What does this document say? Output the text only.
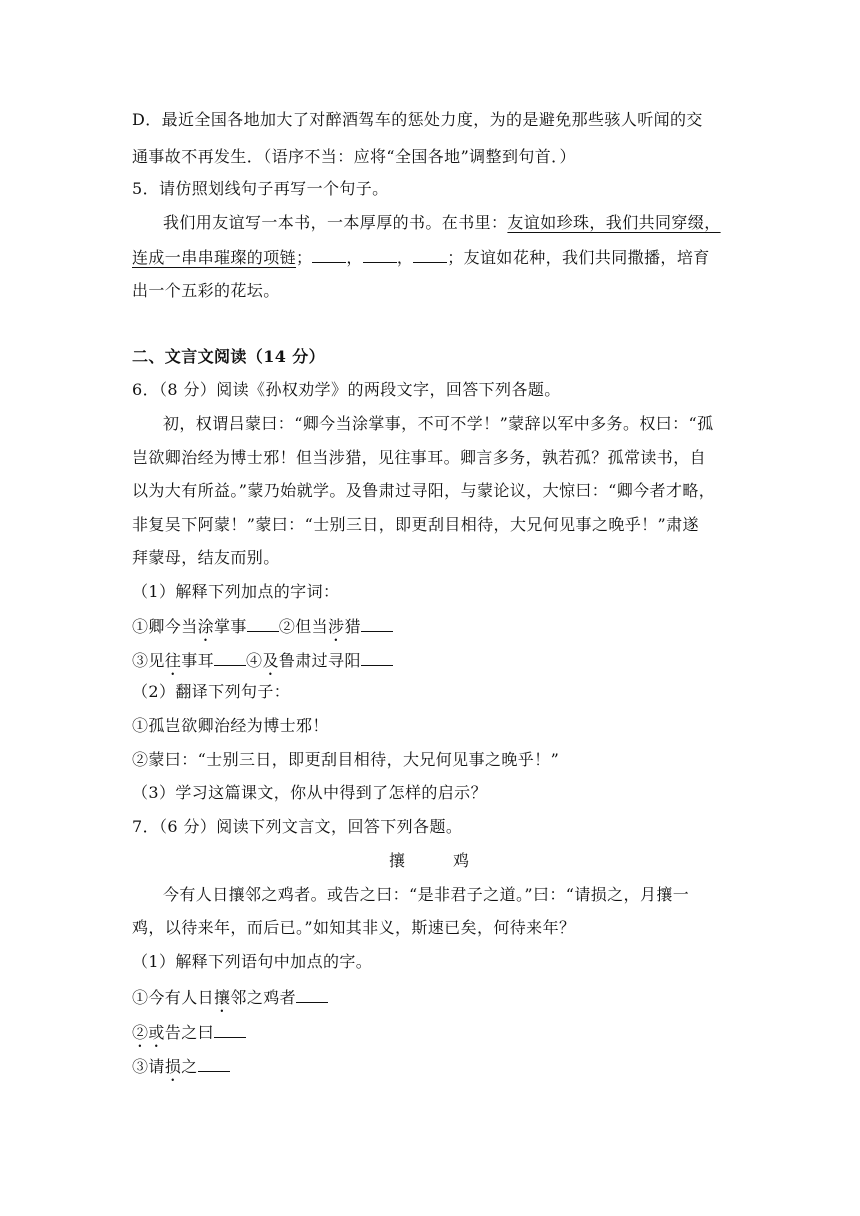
D．最近全国各地加大了对醉酒驾车的惩处力度，为的是避免那些骇人听闻的交
通事故不再发生．（语序不当：应将“全国各地”调整到句首．）
5．请仿照划线句子再写一个句子。
我们用友谊写一本书，一本厚厚的书。在书里：友谊如珍珠，我们共同穿缀，
连成一串串璀璨的项链； ， ， ；友谊如花种，我们共同撒播，培育
出一个五彩的花坛。
二、文言文阅读（14 分）
6．（8 分）阅读《孙权劝学》的两段文字，回答下列各题。
初，权谓吕蒙曰：“卿今当涂掌事，不可不学！”蒙辞以军中多务。权曰：“孤
岂欲卿治经为博士邪！但当涉猎，见往事耳。卿言多务，孰若孤？孤常读书，自
以为大有所益。”蒙乃始就学。及鲁肃过寻阳，与蒙论议，大惊曰：“卿今者才略，
非复吴下阿蒙！”蒙曰：“士别三日，即更刮目相待，大兄何见事之晚乎！”肃遂
拜蒙母，结友而别。
（1）解释下列加点的字词：
①卿今当涂掌事 ②但当涉猎
③见往事耳 ④及鲁肃过寻阳
（2）翻译下列句子：
①孤岂欲卿治经为博士邪！
②蒙曰：“士别三日，即更刮目相待，大兄何见事之晚乎！”
（3）学习这篇课文，你从中得到了怎样的启示？
7．（6 分）阅读下列文言文，回答下列各题。
攘	鸡
今有人日攘邻之鸡者。或告之曰：“是非君子之道。”曰：“请损之，月攘一
鸡，以待来年，而后已。”如知其非义，斯速已矣，何待来年？
（1）解释下列语句中加点的字。
①今有人日攘邻之鸡者
②或告之曰
③请损之
